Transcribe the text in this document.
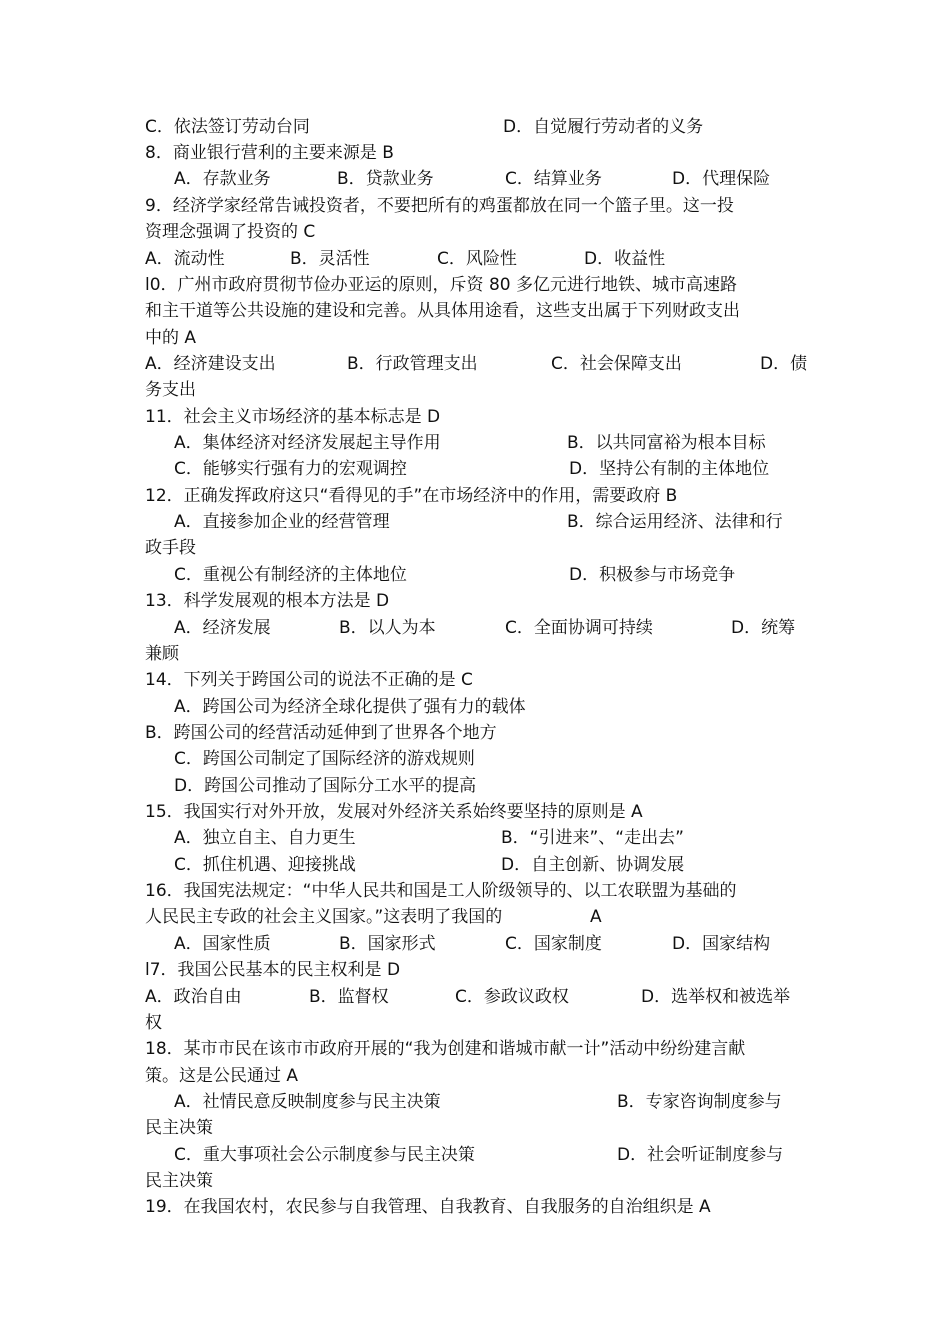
C．依法签订劳动台同	D．自觉履行劳动者的义务
8．商业银行营利的主要来源是 B
A．存款业务	B．贷款业务	C．结算业务	D．代理保险
9．经济学家经常告诫投资者，不要把所有的鸡蛋都放在同一个篮子里。这一投
资理念强调了投资的 C
A．流动性	B．灵活性	C．风险性	D．收益性
l0．广州市政府贯彻节俭办亚运的原则，斥资 80 多亿元进行地铁、城市高速路
和主干道等公共设施的建设和完善。从具体用途看，这些支出属于下列财政支出
中的 A
A．经济建设支出	B．行政管理支出	C．社会保障支出	D．债
务支出
11．社会主义市场经济的基本标志是 D
A．集体经济对经济发展起主导作用	B．以共同富裕为根本目标
C．能够实行强有力的宏观调控	D．坚持公有制的主体地位
12．正确发挥政府这只“看得见的手”在市场经济中的作用，需要政府 B
A．直接参加企业的经营管理	B．综合运用经济、法律和行
政手段
C．重视公有制经济的主体地位	D．积极参与市场竞争
13．科学发展观的根本方法是 D
A．经济发展	B．以人为本	C．全面协调可持续	D．统筹
兼顾
14．下列关于跨国公司的说法不正确的是 C
A．跨国公司为经济全球化提供了强有力的载体
B．跨国公司的经营活动延伸到了世界各个地方
C．跨国公司制定了国际经济的游戏规则
D．跨国公司推动了国际分工水平的提高
15．我国实行对外开放，发展对外经济关系始终要坚持的原则是 A
A．独立自主、自力更生	B．“引进来”、“走出去”
C．抓住机遇、迎接挑战	D．自主创新、协调发展
16．我国宪法规定：“中华人民共和国是工人阶级领导的、以工农联盟为基础的
人民民主专政的社会主义国家。”这表明了我国的	A
A．国家性质	B．国家形式	C．国家制度	D．国家结构
l7．我国公民基本的民主权利是 D
A．政治自由	B．监督权	C．参政议政权	D．选举权和被选举
权
18．某市市民在该市市政府开展的“我为创建和谐城市献一计”活动中纷纷建言献
策。这是公民通过 A
A．社情民意反映制度参与民主决策	B．专家咨询制度参与
民主决策
C．重大事项社会公示制度参与民主决策	D．社会听证制度参与
民主决策
19．在我国农村，农民参与自我管理、自我教育、自我服务的自治组织是 A
